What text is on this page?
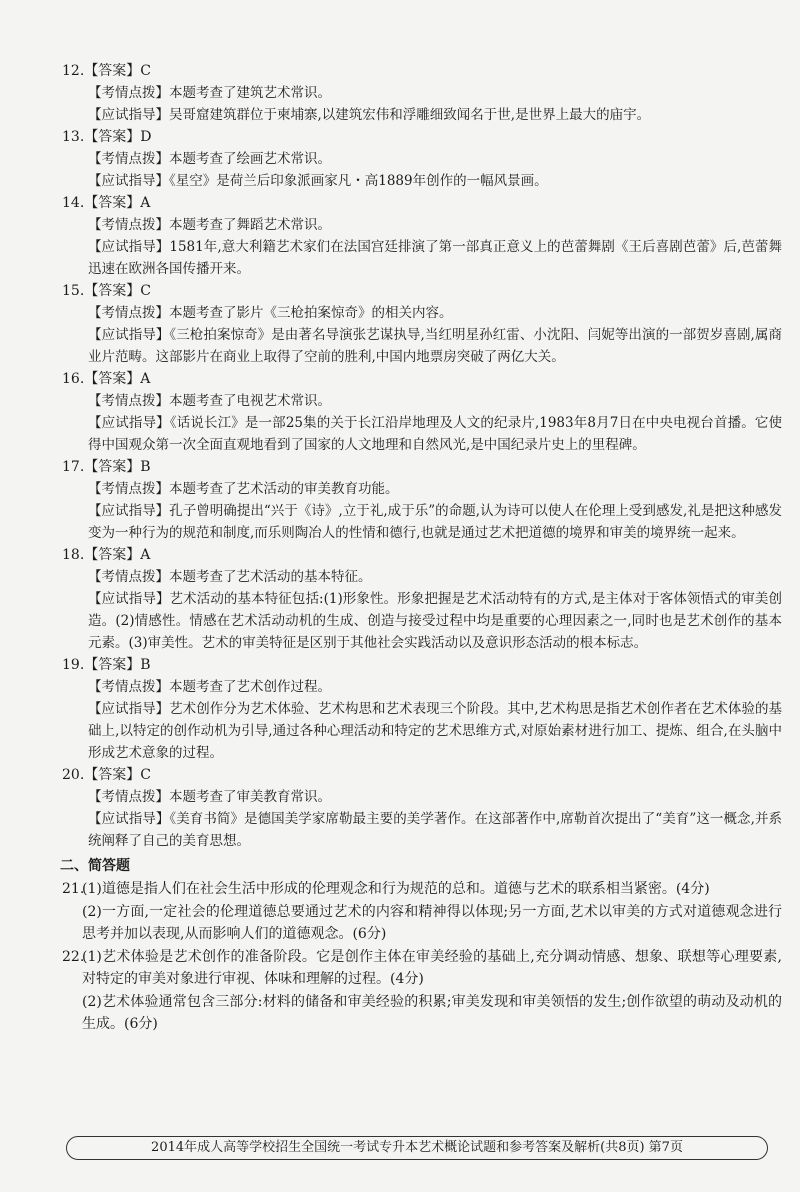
12.【答案】C
【考情点拨】本题考查了建筑艺术常识。
【应试指导】吴哥窟建筑群位于柬埔寨,以建筑宏伟和浮雕细致闻名于世,是世界上最大的庙宇。
13.【答案】D
【考情点拨】本题考查了绘画艺术常识。
【应试指导】《星空》是荷兰后印象派画家凡・高1889年创作的一幅风景画。
14.【答案】A
【考情点拨】本题考查了舞蹈艺术常识。
【应试指导】1581年,意大利籍艺术家们在法国宫廷排演了第一部真正意义上的芭蕾舞剧《王后喜剧芭蕾》后,芭蕾舞迅速在欧洲各国传播开来。
15.【答案】C
【考情点拨】本题考查了影片《三枪拍案惊奇》的相关内容。
【应试指导】《三枪拍案惊奇》是由著名导演张艺谋执导,当红明星孙红雷、小沈阳、闫妮等出演的一部贺岁喜剧,属商业片范畴。这部影片在商业上取得了空前的胜利,中国内地票房突破了两亿大关。
16.【答案】A
【考情点拨】本题考查了电视艺术常识。
【应试指导】《话说长江》是一部25集的关于长江沿岸地理及人文的纪录片,1983年8月7日在中央电视台首播。它使得中国观众第一次全面直观地看到了国家的人文地理和自然风光,是中国纪录片史上的里程碑。
17.【答案】B
【考情点拨】本题考查了艺术活动的审美教育功能。
【应试指导】孔子曾明确提出“兴于《诗》,立于礼,成于乐”的命题,认为诗可以使人在伦理上受到感发,礼是把这种感发变为一种行为的规范和制度,而乐则陶冶人的性情和德行,也就是通过艺术把道德的境界和审美的境界统一起来。
18.【答案】A
【考情点拨】本题考查了艺术活动的基本特征。
【应试指导】艺术活动的基本特征包括:(1)形象性。形象把握是艺术活动特有的方式,是主体对于客体领悟式的审美创造。(2)情感性。情感在艺术活动动机的生成、创造与接受过程中均是重要的心理因素之一,同时也是艺术创作的基本元素。(3)审美性。艺术的审美特征是区别于其他社会实践活动以及意识形态活动的根本标志。
19.【答案】B
【考情点拨】本题考查了艺术创作过程。
【应试指导】艺术创作分为艺术体验、艺术构思和艺术表现三个阶段。其中,艺术构思是指艺术创作者在艺术体验的基础上,以特定的创作动机为引导,通过各种心理活动和特定的艺术思维方式,对原始素材进行加工、提炼、组合,在头脑中形成艺术意象的过程。
20.【答案】C
【考情点拨】本题考查了审美教育常识。
【应试指导】《美育书简》是德国美学家席勒最主要的美学著作。在这部著作中,席勒首次提出了“美育”这一概念,并系统阐释了自己的美育思想。
二、简答题
21.
(1)道德是指人们在社会生活中形成的伦理观念和行为规范的总和。道德与艺术的联系相当紧密。(4分)
(2)一方面,一定社会的伦理道德总要通过艺术的内容和精神得以体现;另一方面,艺术以审美的方式对道德观念进行思考并加以表现,从而影响人们的道德观念。(6分)
22.
(1)艺术体验是艺术创作的准备阶段。它是创作主体在审美经验的基础上,充分调动情感、想象、联想等心理要素,对特定的审美对象进行审视、体味和理解的过程。(4分)
(2)艺术体验通常包含三部分:材料的储备和审美经验的积累;审美发现和审美领悟的发生;创作欲望的萌动及动机的生成。(6分)
2014年成人高等学校招生全国统一考试专升本艺术概论试题和参考答案及解析(共8页) 第7页
